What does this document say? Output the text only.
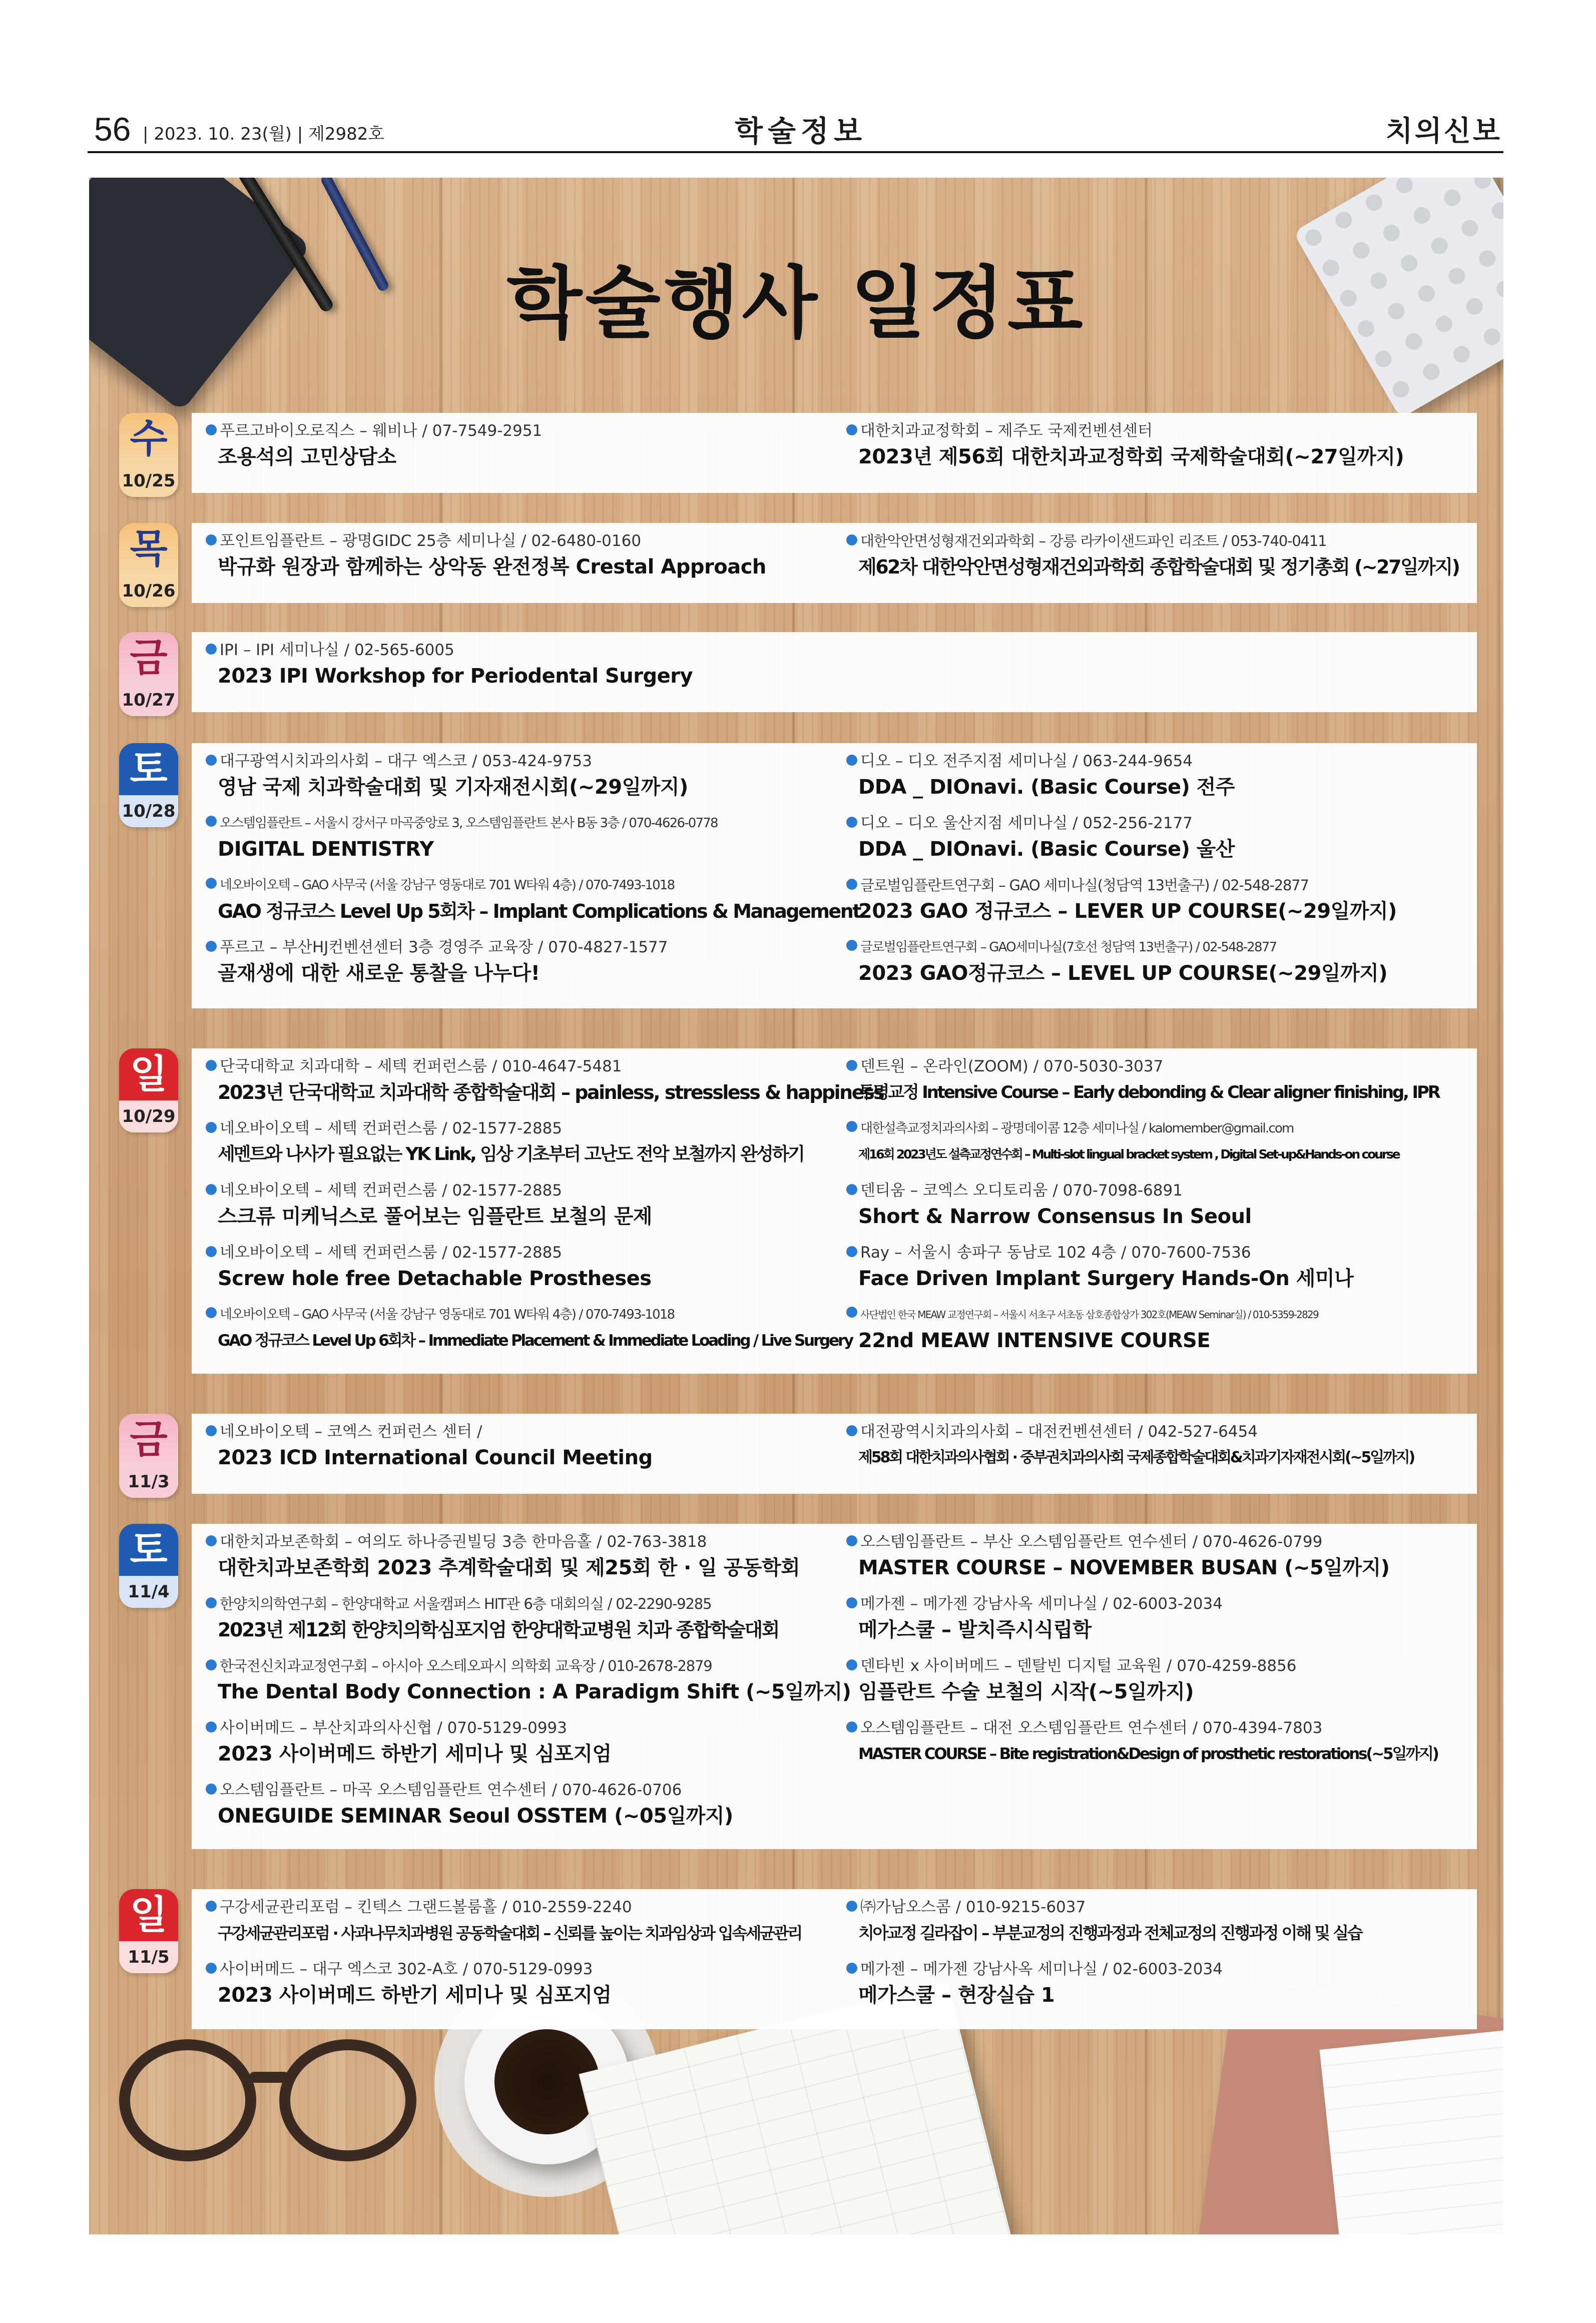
56 | 2023. 10. 23(월) | 제2982호	학술정보	치의신보
학술행사 일정표
푸르고바이오로직스 – 웨비나 / 07-7549-2951
조용석의 고민상담소
대한치과교정학회 – 제주도 국제컨벤션센터
2023년 제56회 대한치과교정학회 국제학술대회(~27일까지)
수
10/25
포인트임플란트 – 광명GIDC 25층 세미나실 / 02-6480-0160
박규화 원장과 함께하는 상악동 완전정복 Crestal Approach
대한악안면성형재건외과학회 – 강릉 라카이샌드파인 리조트 / 053-740-0411
제62차 대한악안면성형재건외과학회 종합학술대회 및 정기총회 (~27일까지)
목
10/26
IPI – IPI 세미나실 / 02-565-6005
2023 IPI Workshop for Periodental Surgery
금
10/27
대구광역시치과의사회 – 대구 엑스코 / 053-424-9753
영남 국제 치과학술대회 및 기자재전시회(~29일까지)
오스템임플란트 – 서울시 강서구 마곡중앙로 3, 오스템임플란트 본사 B동 3층 / 070-4626-0778
DIGITAL DENTISTRY
네오바이오텍 – GAO 사무국 (서울 강남구 영동대로 701 W타워 4층) / 070-7493-1018
GAO 정규코스 Level Up 5회차 – Implant Complications & Management
푸르고 – 부산HJ컨벤션센터 3층 경영주 교육장 / 070-4827-1577
골재생에 대한 새로운 통찰을 나누다!
디오 – 디오 전주지점 세미나실 / 063-244-9654
DDA _ DIOnavi. (Basic Course) 전주
디오 – 디오 울산지점 세미나실 / 052-256-2177
DDA _ DIOnavi. (Basic Course) 울산
글로벌임플란트연구회 – GAO 세미나실(청담역 13번출구) / 02-548-2877
2023 GAO 정규코스 – LEVER UP COURSE(~29일까지)
글로벌임플란트연구회 – GAO세미나실(7호선 청담역 13번출구) / 02-548-2877
2023 GAO정규코스 – LEVEL UP COURSE(~29일까지)
토
10/28
단국대학교 치과대학 – 세텍 컨퍼런스룸 / 010-4647-5481
2023년 단국대학교 치과대학 종합학술대회 – painless, stressless & happiness
네오바이오텍 – 세텍 컨퍼런스룸 / 02-1577-2885
세멘트와 나사가 필요없는 YK Link, 임상 기초부터 고난도 전악 보철까지 완성하기
네오바이오텍 – 세텍 컨퍼런스룸 / 02-1577-2885
스크류 미케닉스로 풀어보는 임플란트 보철의 문제
네오바이오텍 – 세텍 컨퍼런스룸 / 02-1577-2885
Screw hole free Detachable Prostheses
네오바이오텍 – GAO 사무국 (서울 강남구 영동대로 701 W타워 4층) / 070-7493-1018
GAO 정규코스 Level Up 6회차 – Immediate Placement & Immediate Loading / Live Surgery
덴트원 – 온라인(ZOOM) / 070-5030-3037
투명교정 Intensive Course – Early debonding & Clear aligner finishing, IPR
대한설측교정치과의사회 – 광명데이콤 12층 세미나실 / kalomember@gmail.com
제16회 2023년도 설측교정연수회 – Multi-slot lingual bracket system , Digital Set-up&Hands-on course
덴티움 – 코엑스 오디토리움 / 070-7098-6891
Short & Narrow Consensus In Seoul
Ray – 서울시 송파구 동남로 102 4층 / 070-7600-7536
Face Driven Implant Surgery Hands-On 세미나
사단법인 한국 MEAW 교정연구회 – 서울시 서초구 서초동 삼호종합상가 302호(MEAW Seminar실) / 010-5359-2829
22nd MEAW INTENSIVE COURSE
일
10/29
네오바이오텍 – 코엑스 컨퍼런스 센터 /
2023 ICD International Council Meeting
대전광역시치과의사회 – 대전컨벤션센터 / 042-527-6454
제58회 대한치과의사협회 · 중부권치과의사회 국제종합학술대회&치과기자재전시회(~5일까지)
금
11/3
대한치과보존학회 – 여의도 하나증권빌딩 3층 한마음홀 / 02-763-3818
대한치과보존학회 2023 추계학술대회 및 제25회 한 · 일 공동학회
한양치의학연구회 – 한양대학교 서울캠퍼스 HIT관 6층 대회의실 / 02-2290-9285
2023년 제12회 한양치의학심포지엄 한양대학교병원 치과 종합학술대회
한국전신치과교정연구회 – 아시아 오스테오파시 의학회 교육장 / 010-2678-2879
The Dental Body Connection : A Paradigm Shift (~5일까지)
사이버메드 – 부산치과의사신협 / 070-5129-0993
2023 사이버메드 하반기 세미나 및 심포지엄
오스템임플란트 – 마곡 오스템임플란트 연수센터 / 070-4626-0706
ONEGUIDE SEMINAR Seoul OSSTEM (~05일까지)
오스템임플란트 – 부산 오스템임플란트 연수센터 / 070-4626-0799
MASTER COURSE – NOVEMBER BUSAN (~5일까지)
메가젠 – 메가젠 강남사옥 세미나실 / 02-6003-2034
메가스쿨 – 발치즉시식립학
덴타빈 x 사이버메드 – 덴탈빈 디지털 교육원 / 070-4259-8856
임플란트 수술 보철의 시작(~5일까지)
오스템임플란트 – 대전 오스템임플란트 연수센터 / 070-4394-7803
MASTER COURSE – Bite registration&Design of prosthetic restorations(~5일까지)
토
11/4
구강세균관리포럼 – 킨텍스 그랜드볼룸홀 / 010-2559-2240
구강세균관리포럼 · 사과나무치과병원 공동학술대회 – 신뢰를 높이는 치과임상과 입속세균관리
사이버메드 – 대구 엑스코 302-A호 / 070-5129-0993
2023 사이버메드 하반기 세미나 및 심포지엄
㈜가남오스콤 / 010-9215-6037
치아교정 길라잡이 – 부분교정의 진행과정과 전체교정의 진행과정 이해 및 실습
메가젠 – 메가젠 강남사옥 세미나실 / 02-6003-2034
메가스쿨 – 현장실습 1
일
11/5
